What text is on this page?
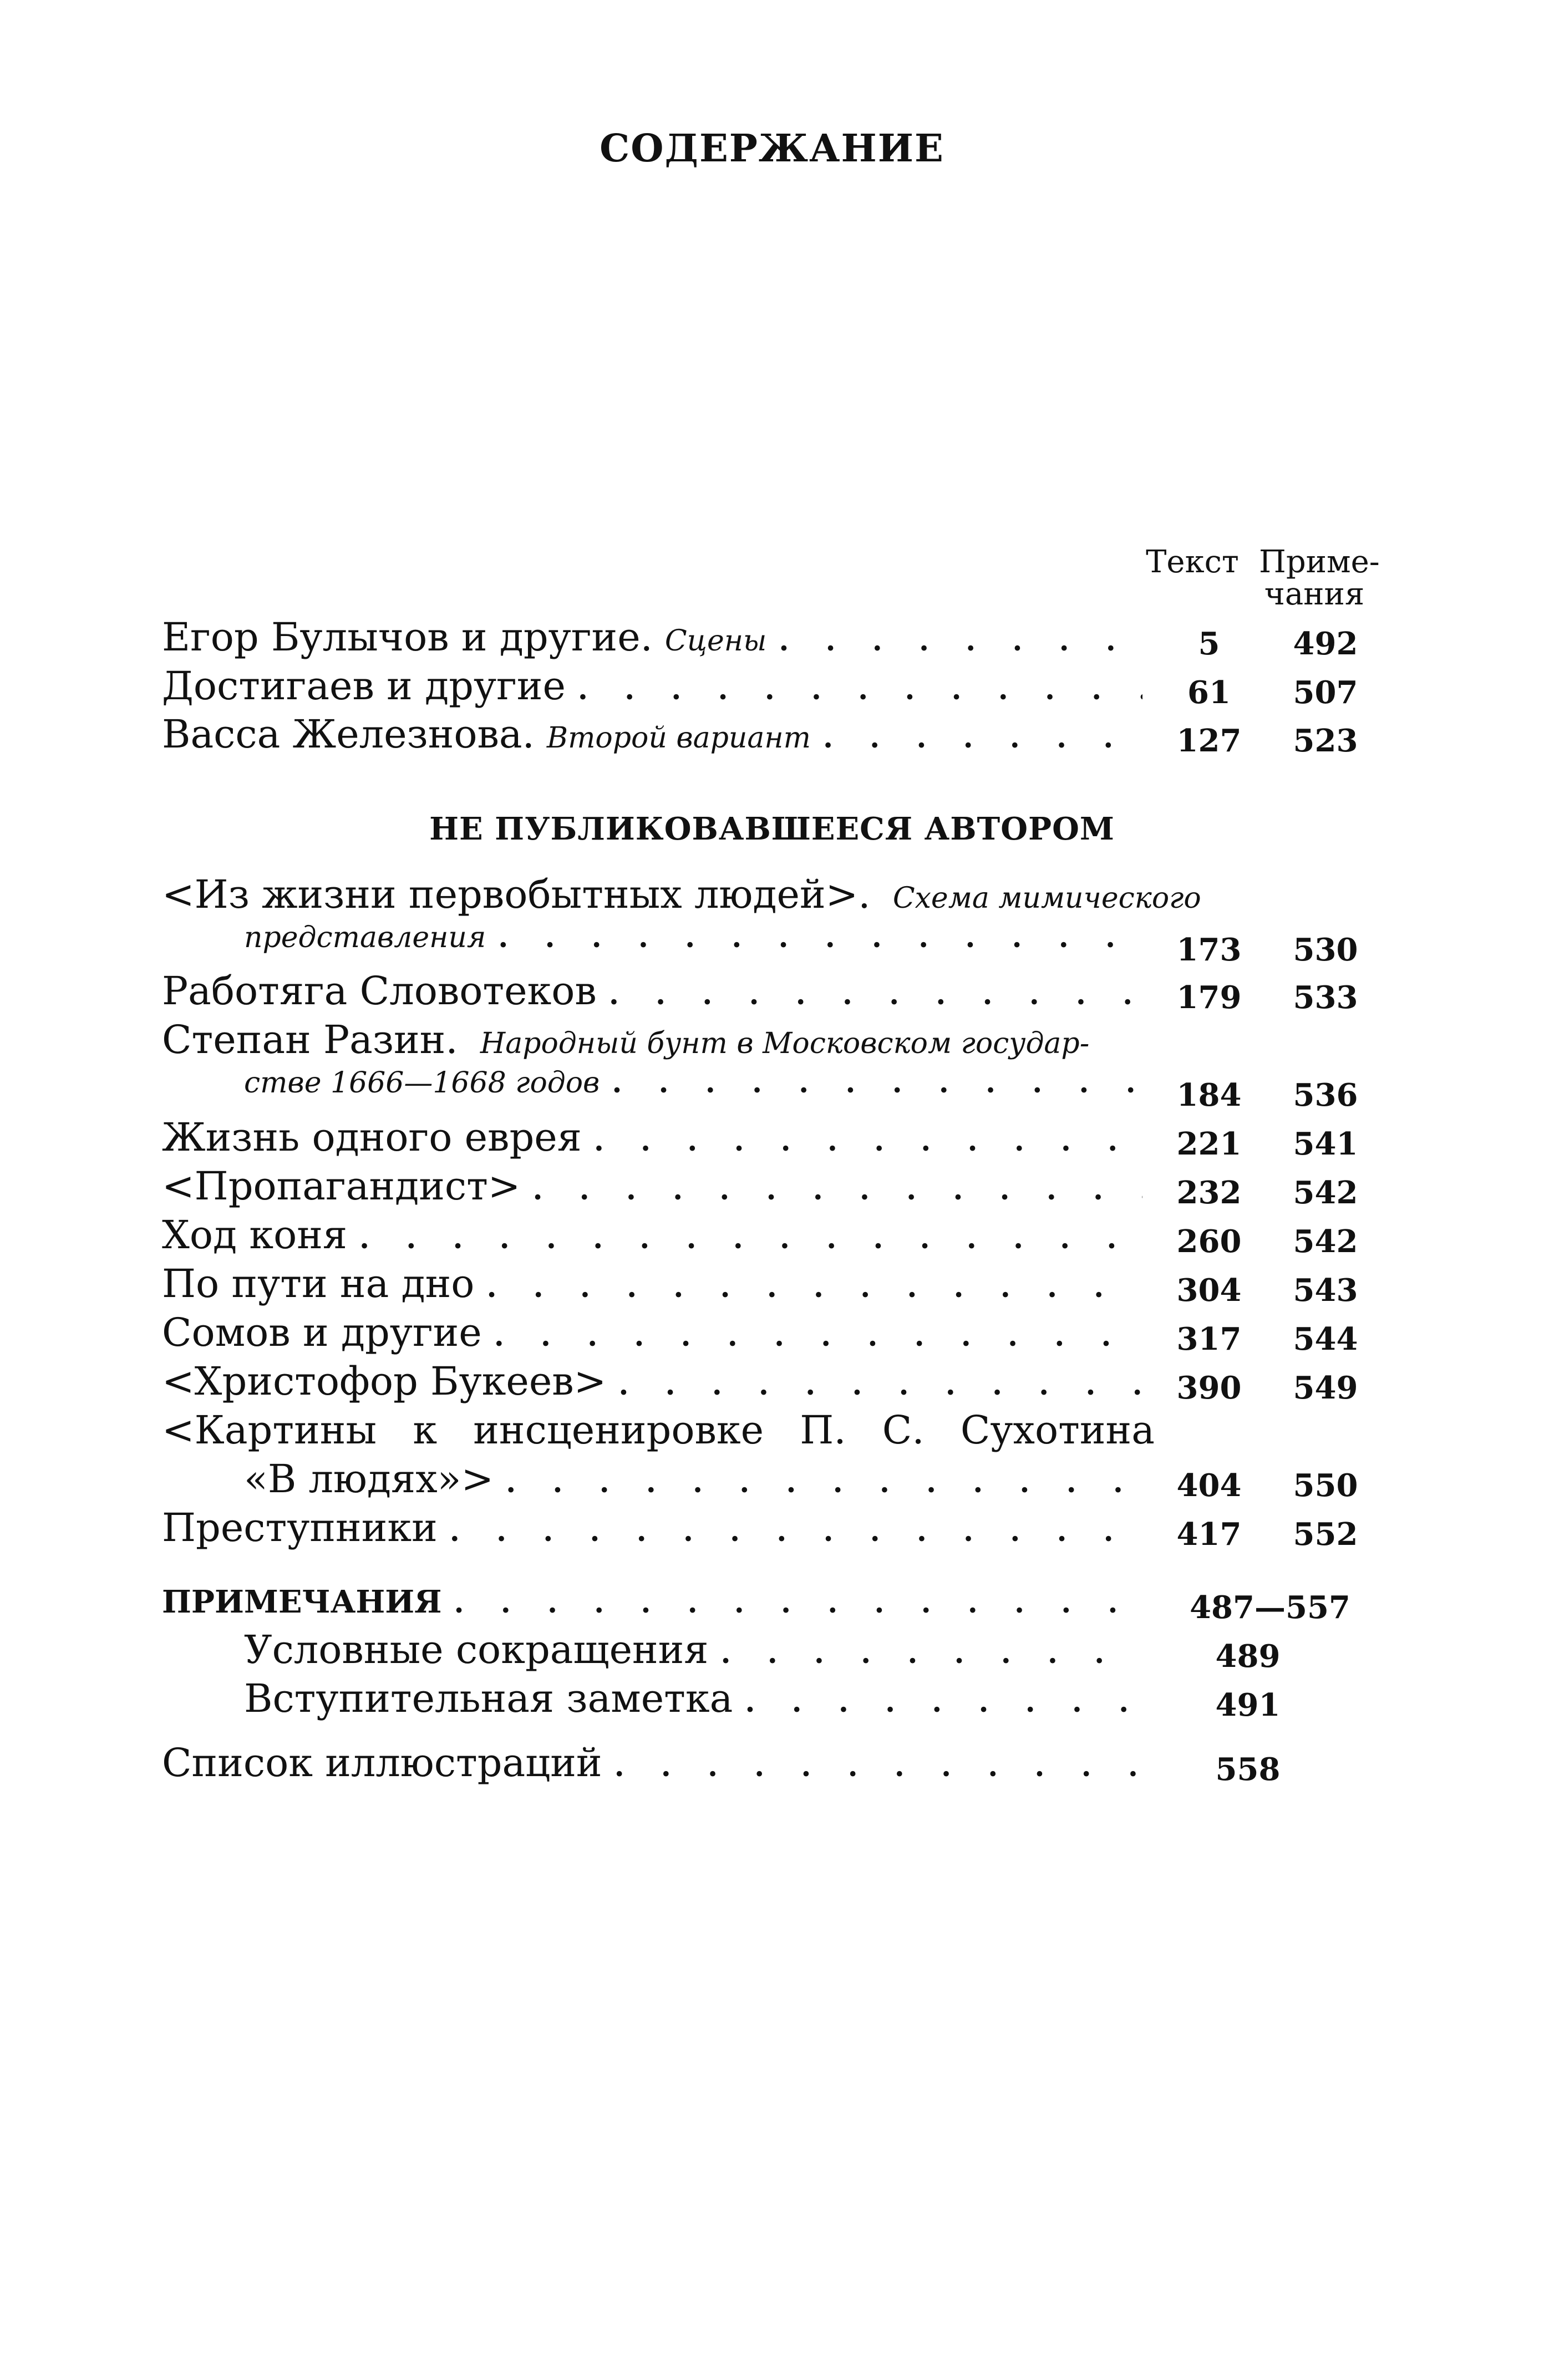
СОДЕРЖАНИЕ
Текст Приме-
чания
Егор Булычов и другие. Сцены . . .	5	492
Достигаев и другие . . .	61	507
Васса Железнова. Второй вариант . . .	127 523
НЕ ПУБЛИКОВАВШЕЕСЯ АВТОРОМ
<Из жизни первобытных людей>. Схема мимического
представления . . .	173 530
Работяга Словотеков . . .	179 533
Степан Разин. Народный бунт в Московском государ-
стве 1666—1668 годов . . .	184 536
Жизнь одного еврея . . .	221 541
<Пропагандист> . . .	232 542
Ход коня . . .	260 542
По пути на дно . . .	304 543
Сомов и другие . . .	317 544
<Христофор Букеев> . . .	390 549
<Картины к инсценировке П. С. Сухотина
«В людях»> . . .	404 550
Преступники . . .	417 552
ПРИМЕЧАНИЯ . . .	487—557
Условные сокращения . . .	489
Вступительная заметка . . .	491
Список иллюстраций . . .	558
